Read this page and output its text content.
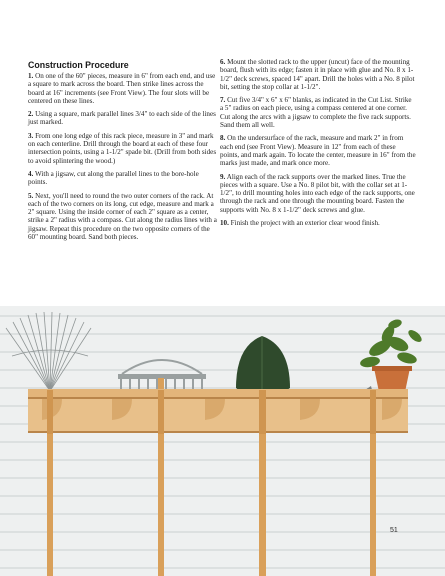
Construction Procedure

1. On one of the 60" pieces, measure in 6" from each end, and use a square to mark across the board. Then strike lines across the board at 16" increments (see Front View). The four slots will be centered on these lines.

2. Using a square, mark parallel lines 3/4" to each side of the lines just marked.

3. From one long edge of this rack piece, measure in 3" and mark on each centerline. Drill through the board at each of these four intersection points, using a 1-1/2" spade bit. (Drill from both sides to avoid splintering the wood.)

4. With a jigsaw, cut along the parallel lines to the bore-hole points.

5. Next, you'll need to round the two outer corners of the rack. At each of the two corners on its long, cut edge, measure and mark a 2" square. Using the inside corner of each 2" square as a center, strike a 2" radius with a compass. Cut along the radius lines with a jigsaw. Repeat this procedure on the two opposite corners of the 60" mounting board. Sand both pieces.

6. Mount the slotted rack to the upper (uncut) face of the mounting board, flush with its edge; fasten it in place with glue and No. 8 x 1-1/2" deck screws, spaced 14" apart. Drill the holes with a No. 8 pilot bit, setting the stop collar at 1-1/2".

7. Cut five 3/4" x 6" x 6" blanks, as indicated in the Cut List. Strike a 5" radius on each piece, using a compass centered at one corner. Cut along the arcs with a jigsaw to complete the five rack supports. Sand them all well.

8. On the undersurface of the rack, measure and mark 2" in from each end (see Front View). Measure in 12" from each of these points, and mark again. To locate the center, measure in 16" from the marks just made, and mark once more.

9. Align each of the rack supports over the marked lines. True the pieces with a square. Use a No. 8 pilot bit, with the collar set at 1-1/2", to drill mounting holes into each edge of the rack supports, one through the rack and one through the mounting board. Fasten the supports with No. 8 x 1-1/2" deck screws and glue.

10. Finish the project with an exterior clear wood finish.

51
